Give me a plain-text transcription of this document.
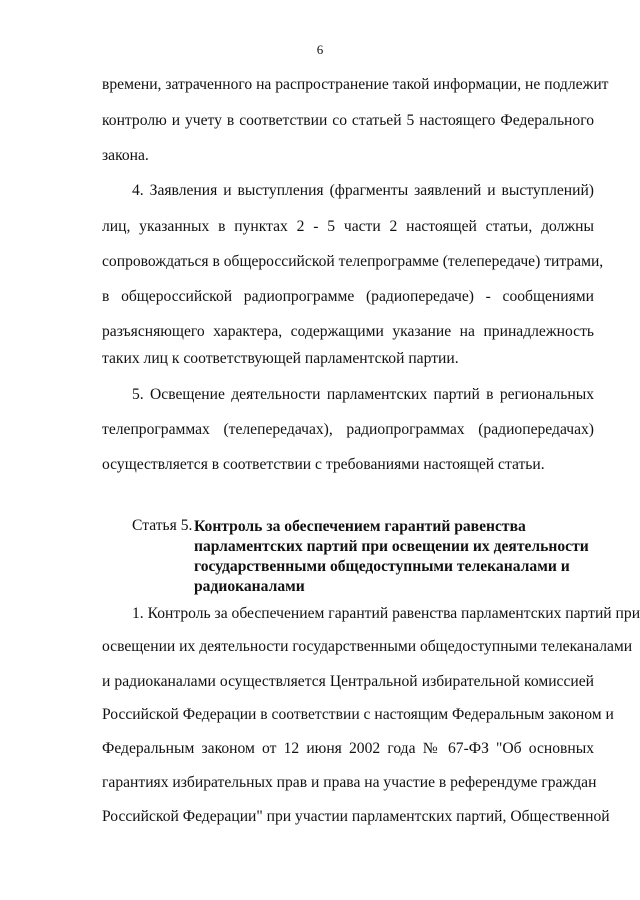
6
времени, затраченного на распространение такой информации, не подлежит
контролю и учету в соответствии со статьей 5 настоящего Федерального
закона.
4. Заявления и выступления (фрагменты заявлений и выступлений)
лиц, указанных в пунктах 2 - 5 части 2 настоящей статьи, должны
сопровождаться в общероссийской телепрограмме (телепередаче) титрами,
в общероссийской радиопрограмме (радиопередаче) - сообщениями
разъясняющего характера, содержащими указание на принадлежность
таких лиц к соответствующей парламентской партии.
5. Освещение деятельности парламентских партий в региональных
телепрограммах (телепередачах), радиопрограммах (радиопередачах)
осуществляется в соответствии с требованиями настоящей статьи.
Статья 5. Контроль за обеспечением гарантий равенства
парламентских партий при освещении их деятельности
государственными общедоступными телеканалами и
радиоканалами
1. Контроль за обеспечением гарантий равенства парламентских партий при
освещении их деятельности государственными общедоступными телеканалами
и радиоканалами осуществляется Центральной избирательной комиссией
Российской Федерации в соответствии с настоящим Федеральным законом и
Федеральным законом от 12 июня 2002 года № 67-ФЗ "Об основных
гарантиях избирательных прав и права на участие в референдуме граждан
Российской Федерации" при участии парламентских партий, Общественной
